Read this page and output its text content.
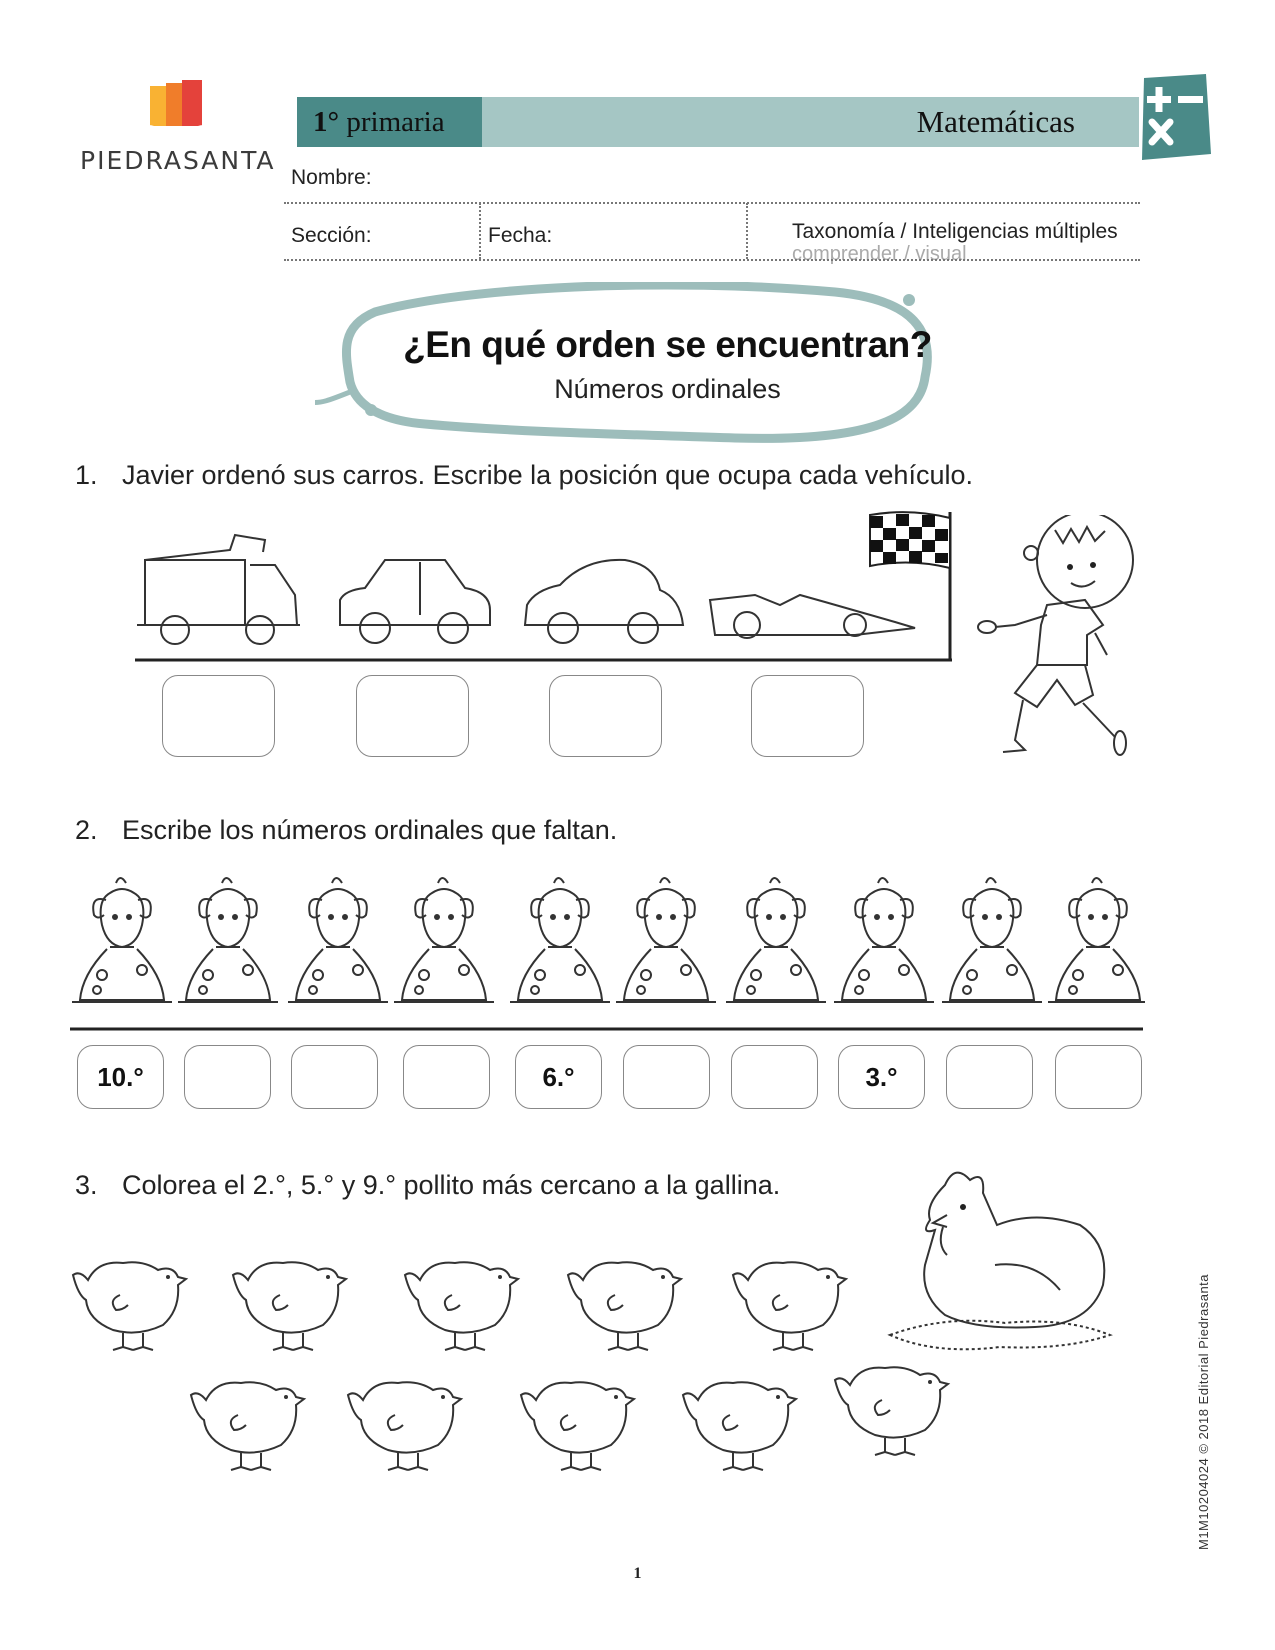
PIEDRASANTA
1° primaria	Matemáticas
Nombre:
Sección:	Fecha:	Taxonomía / Inteligencias múltiples
comprender / visual
¿En qué orden se encuentran?
Números ordinales
1. Javier ordenó sus carros. Escribe la posición que ocupa cada vehículo.
2. Escribe los números ordinales que faltan.
10.°	6.°	3.°
3. Colorea el 2.°, 5.° y 9.° pollito más cercano a la gallina.
1
M1M10204024 © 2018 Editorial Piedrasanta
